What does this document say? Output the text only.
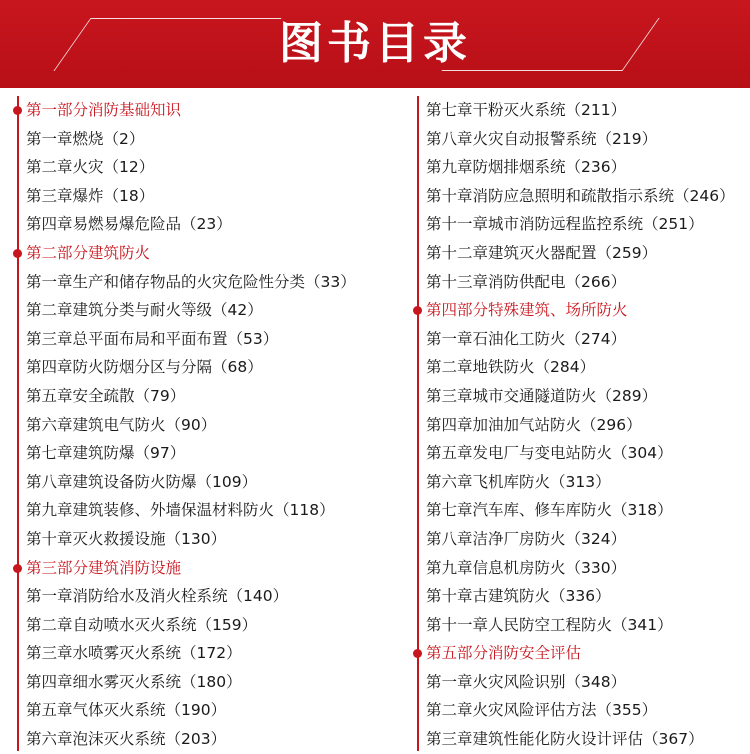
图书目录
第一部分消防基础知识
第一章燃烧（2）
第二章火灾（12）
第三章爆炸（18）
第四章易燃易爆危险品（23）
第二部分建筑防火
第一章生产和储存物品的火灾危险性分类（33）
第二章建筑分类与耐火等级（42）
第三章总平面布局和平面布置（53）
第四章防火防烟分区与分隔（68）
第五章安全疏散（79）
第六章建筑电气防火（90）
第七章建筑防爆（97）
第八章建筑设备防火防爆（109）
第九章建筑装修、外墙保温材料防火（118）
第十章灭火救援设施（130）
第三部分建筑消防设施
第一章消防给水及消火栓系统（140）
第二章自动喷水灭火系统（159）
第三章水喷雾灭火系统（172）
第四章细水雾灭火系统（180）
第五章气体灭火系统（190）
第六章泡沫灭火系统（203）
第七章干粉灭火系统（211）
第八章火灾自动报警系统（219）
第九章防烟排烟系统（236）
第十章消防应急照明和疏散指示系统（246）
第十一章城市消防远程监控系统（251）
第十二章建筑灭火器配置（259）
第十三章消防供配电（266）
第四部分特殊建筑、场所防火
第一章石油化工防火（274）
第二章地铁防火（284）
第三章城市交通隧道防火（289）
第四章加油加气站防火（296）
第五章发电厂与变电站防火（304）
第六章飞机库防火（313）
第七章汽车库、修车库防火（318）
第八章洁净厂房防火（324）
第九章信息机房防火（330）
第十章古建筑防火（336）
第十一章人民防空工程防火（341）
第五部分消防安全评估
第一章火灾风险识别（348）
第二章火灾风险评估方法（355）
第三章建筑性能化防火设计评估（367）
